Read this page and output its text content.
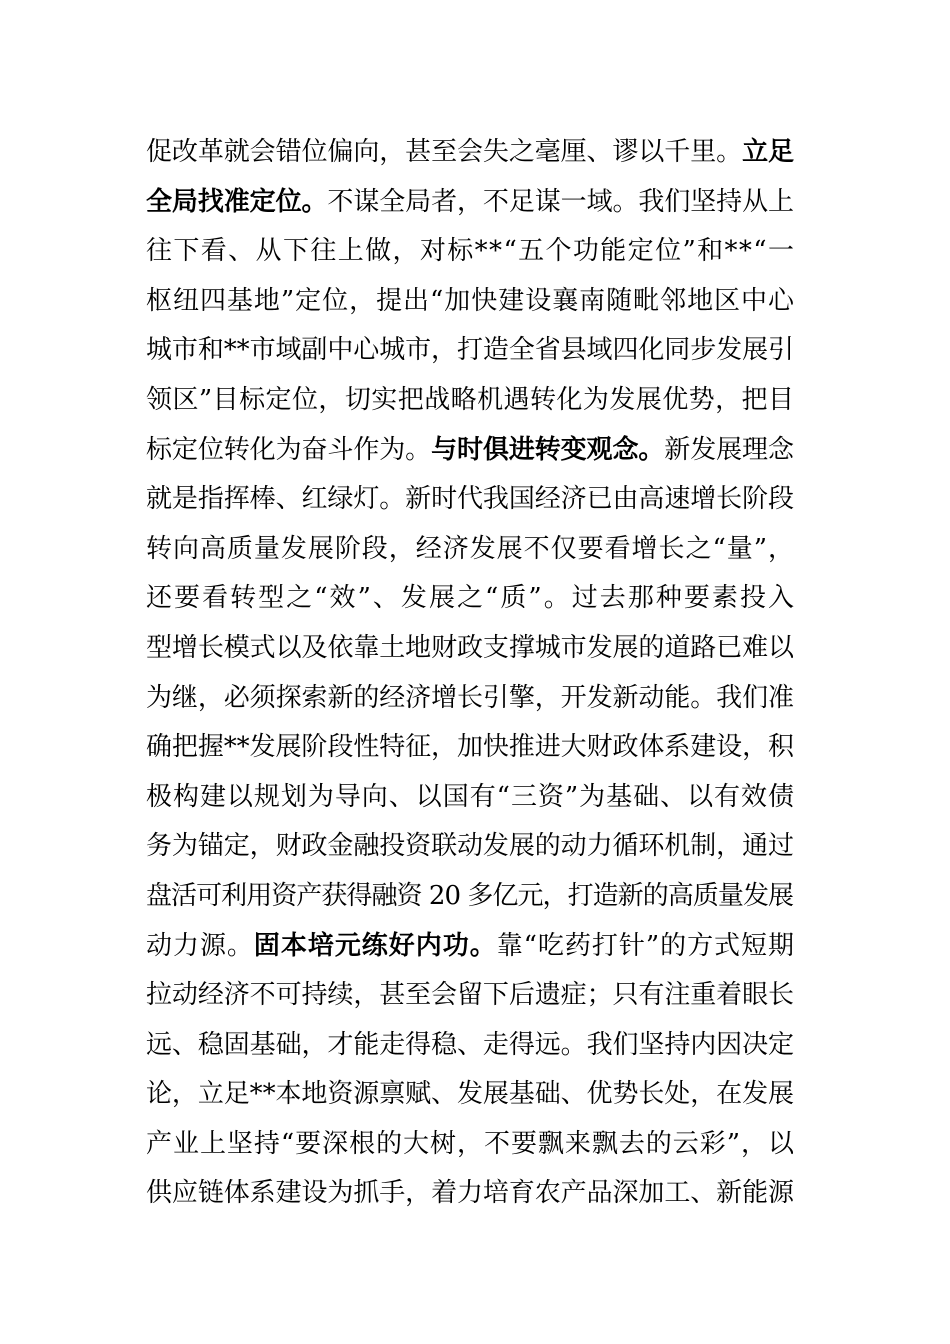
促改革就会错位偏向，甚至会失之毫厘、谬以千里。立足
全局找准定位。不谋全局者，不足谋一域。我们坚持从上
往下看、从下往上做，对标**“五个功能定位”和**“一
枢纽四基地”定位，提出“加快建设襄南随毗邻地区中心
城市和**市域副中心城市，打造全省县域四化同步发展引
领区”目标定位，切实把战略机遇转化为发展优势，把目
标定位转化为奋斗作为。与时俱进转变观念。新发展理念
就是指挥棒、红绿灯。新时代我国经济已由高速增长阶段
转向高质量发展阶段，经济发展不仅要看增长之“量”，
还要看转型之“效”、发展之“质”。过去那种要素投入
型增长模式以及依靠土地财政支撑城市发展的道路已难以
为继，必须探索新的经济增长引擎，开发新动能。我们准
确把握**发展阶段性特征，加快推进大财政体系建设，积
极构建以规划为导向、以国有“三资”为基础、以有效债
务为锚定，财政金融投资联动发展的动力循环机制，通过
盘活可利用资产获得融资 20 多亿元，打造新的高质量发展
动力源。固本培元练好内功。靠“吃药打针”的方式短期
拉动经济不可持续，甚至会留下后遗症；只有注重着眼长
远、稳固基础，才能走得稳、走得远。我们坚持内因决定
论，立足**本地资源禀赋、发展基础、优势长处，在发展
产业上坚持“要深根的大树，不要飘来飘去的云彩”，以
供应链体系建设为抓手，着力培育农产品深加工、新能源
